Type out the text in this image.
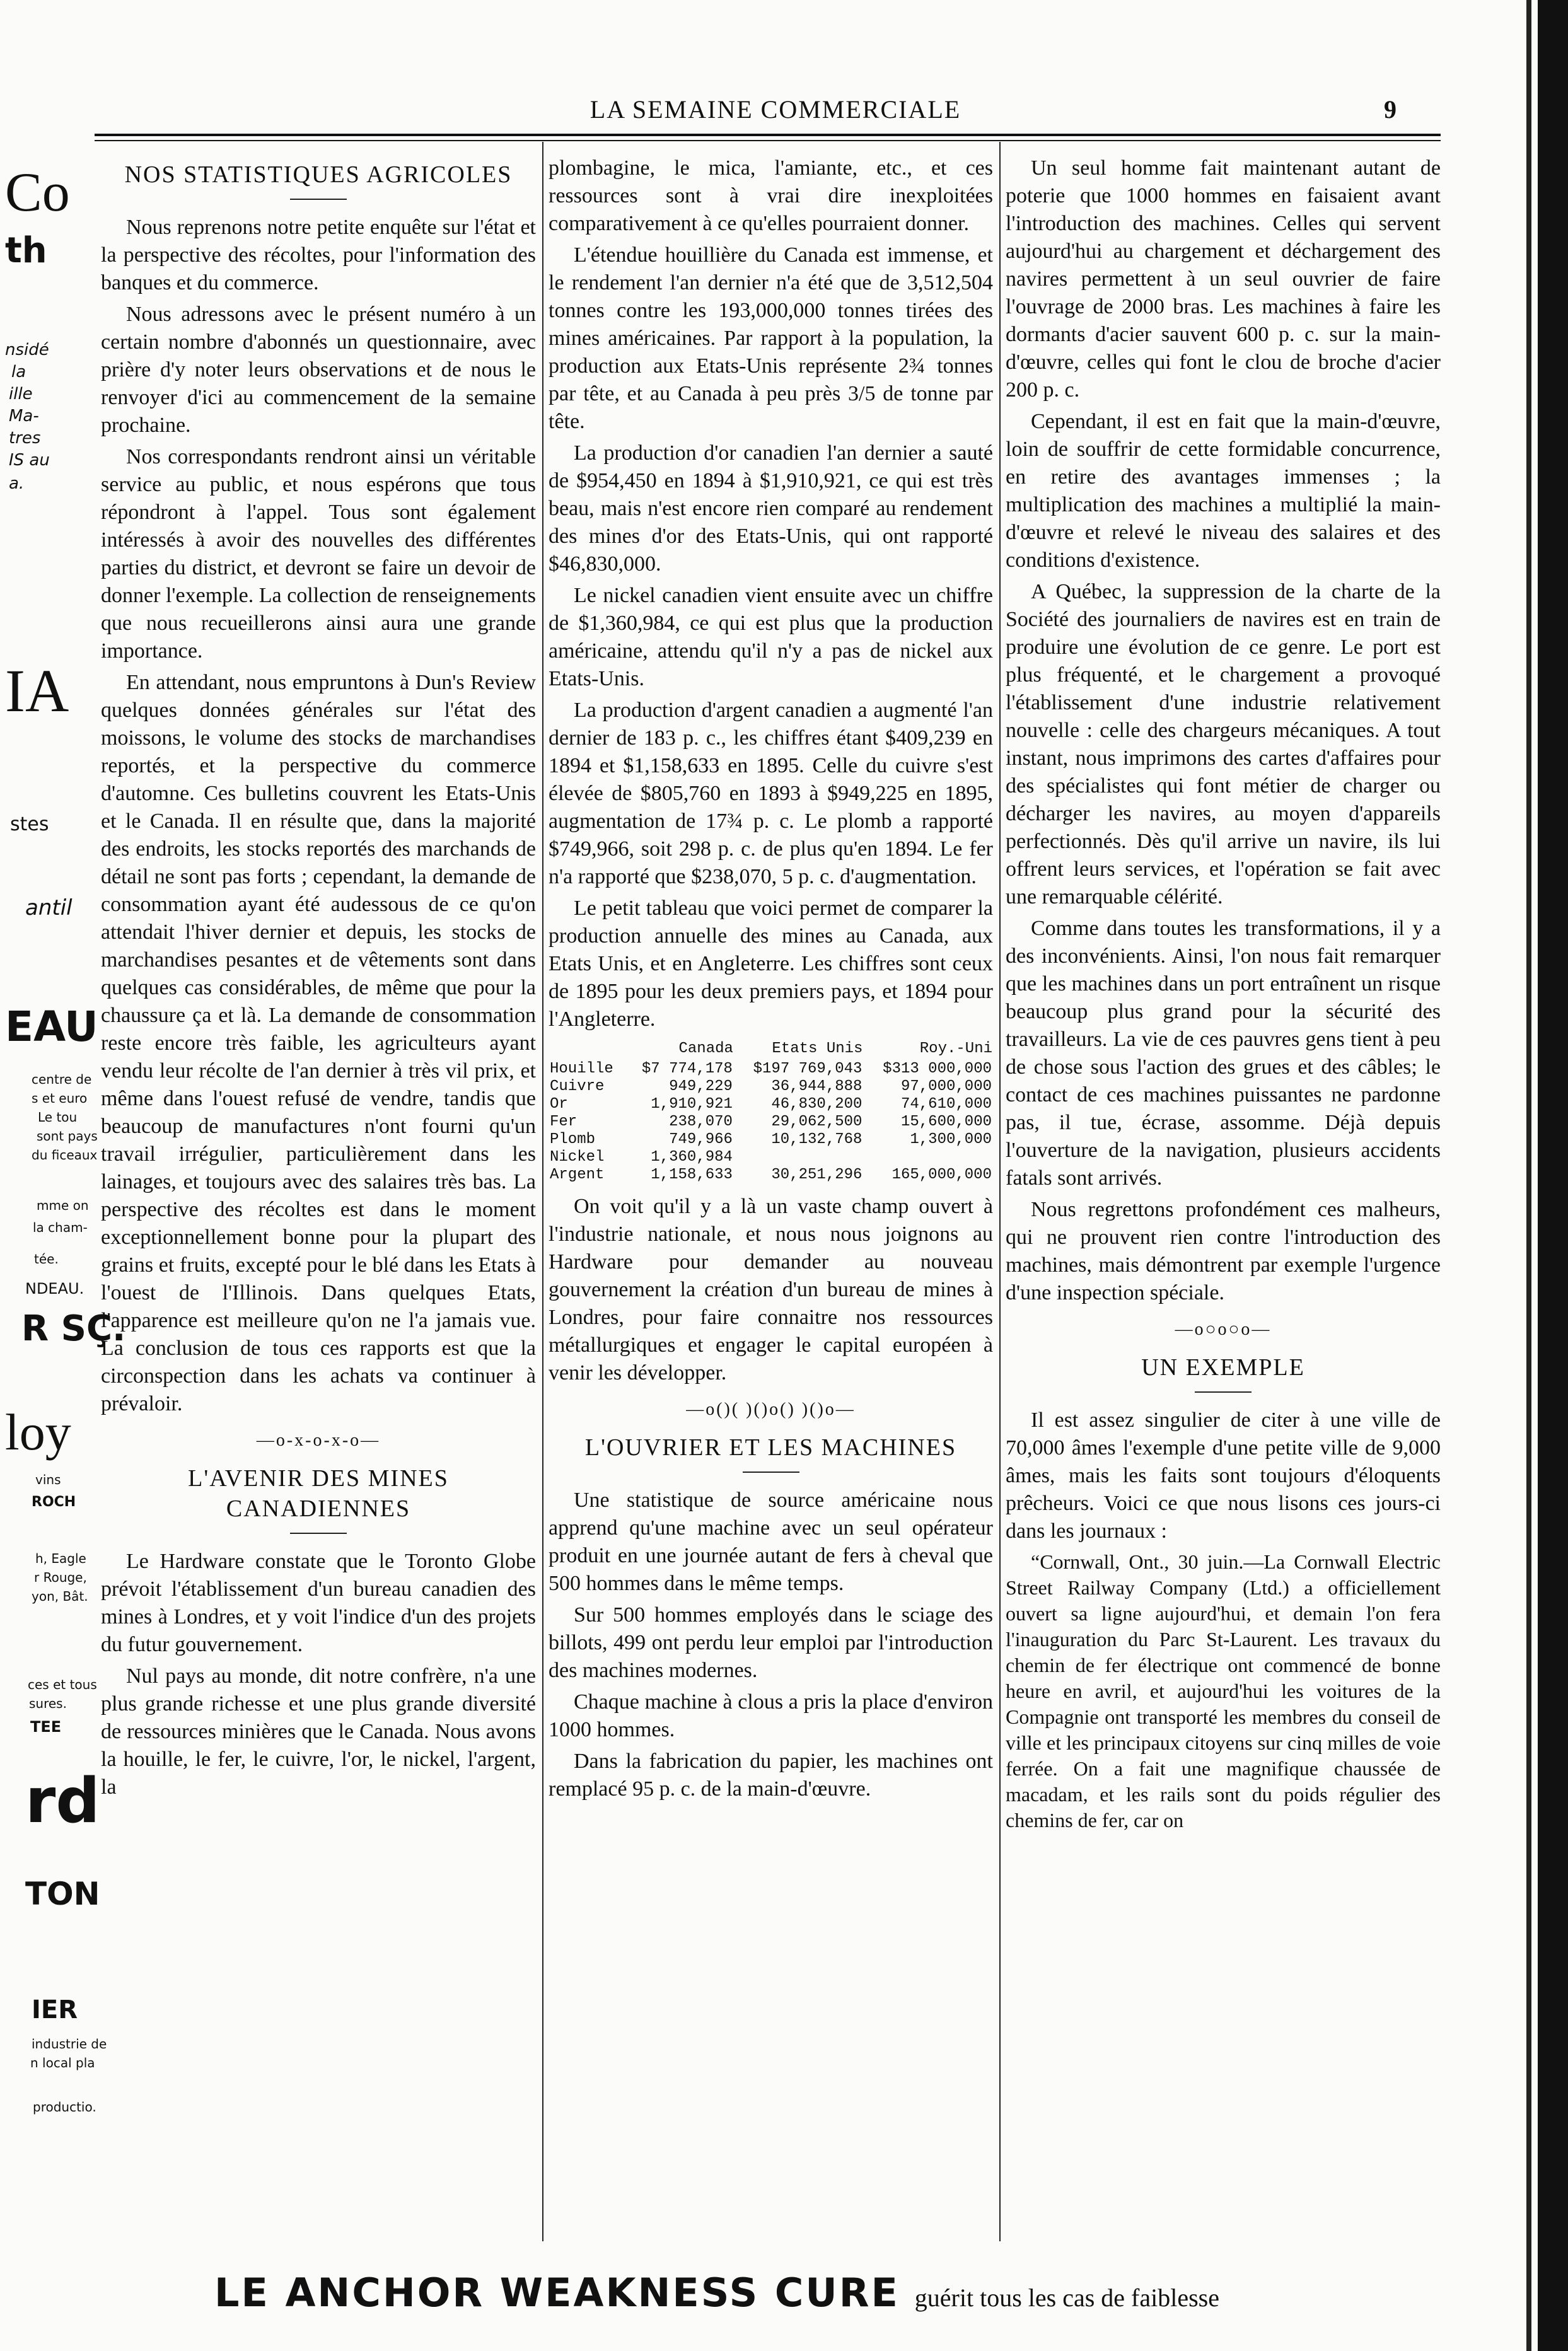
Co
th
nsidé
la
ille
Ma-
tres
IS au
a.
IA
stes
antil
EAU
centre de
s et euro
Le tou
sont pays
du ficeaux
mme on
la cham-
tée.
NDEAU.
R SÇ.
loy
vins
ROCH
h, Eagle
r Rouge,
yon, Bât.
ces et tous
sures.
TEE
rd
TON
IER
industrie de
n local pla
productio.
LA SEMAINE COMMERCIALE	9
NOS STATISTIQUES AGRICOLES

Nous reprenons notre petite enquête sur l'état et la perspective des récoltes, pour l'information des banques et du commerce.

Nous adressons avec le présent numéro à un certain nombre d'abonnés un questionnaire, avec prière d'y noter leurs observations et de nous le renvoyer d'ici au commencement de la semaine prochaine.

Nos correspondants rendront ainsi un véritable service au public, et nous espérons que tous répondront à l'appel. Tous sont également intéressés à avoir des nouvelles des différentes parties du district, et devront se faire un devoir de donner l'exemple. La collection de renseignements que nous recueillerons ainsi aura une grande importance.

En attendant, nous empruntons à Dun's Review quelques données générales sur l'état des moissons, le volume des stocks de marchandises reportés, et la perspective du commerce d'automne. Ces bulletins couvrent les Etats-Unis et le Canada. Il en résulte que, dans la majorité des endroits, les stocks reportés des marchands de détail ne sont pas forts ; cependant, la demande de consommation ayant été audessous de ce qu'on attendait l'hiver dernier et depuis, les stocks de marchandises pesantes et de vêtements sont dans quelques cas considérables, de même que pour la chaussure ça et là. La demande de consommation reste encore très faible, les agriculteurs ayant vendu leur récolte de l'an dernier à très vil prix, et même dans l'ouest refusé de vendre, tandis que beaucoup de manufactures n'ont fourni qu'un travail irrégulier, particulièrement dans les lainages, et toujours avec des salaires très bas. La perspective des récoltes est dans le moment exceptionnellement bonne pour la plupart des grains et fruits, excepté pour le blé dans les Etats à l'ouest de l'Illinois. Dans quelques Etats, l'apparence est meilleure qu'on ne l'a jamais vue. La conclusion de tous ces rapports est que la circonspection dans les achats va continuer à prévaloir.

—o-x-o-x-o—
L'AVENIR DES MINES CANADIENNES

Le Hardware constate que le Toronto Globe prévoit l'établissement d'un bureau canadien des mines à Londres, et y voit l'indice d'un des projets du futur gouvernement.

Nul pays au monde, dit notre confrère, n'a une plus grande richesse et une plus grande diversité de ressources minières que le Canada. Nous avons la houille, le fer, le cuivre, l'or, le nickel, l'argent, la

plombagine, le mica, l'amiante, etc., et ces ressources sont à vrai dire inexploitées comparativement à ce qu'elles pourraient donner.

L'étendue houillière du Canada est immense, et le rendement l'an dernier n'a été que de 3,512,504 tonnes contre les 193,000,000 tonnes tirées des mines américaines. Par rapport à la population, la production aux Etats-Unis représente 2¾ tonnes par tête, et au Canada à peu près 3/5 de tonne par tête.

La production d'or canadien l'an dernier a sauté de $954,450 en 1894 à $1,910,921, ce qui est très beau, mais n'est encore rien comparé au rendement des mines d'or des Etats-Unis, qui ont rapporté $46,830,000.

Le nickel canadien vient ensuite avec un chiffre de $1,360,984, ce qui est plus que la production américaine, attendu qu'il n'y a pas de nickel aux Etats-Unis.

La production d'argent canadien a augmenté l'an dernier de 183 p. c., les chiffres étant $409,239 en 1894 et $1,158,633 en 1895. Celle du cuivre s'est élevée de $805,760 en 1893 à $949,225 en 1895, augmentation de 17¾ p. c. Le plomb a rapporté $749,966, soit 298 p. c. de plus qu'en 1894. Le fer n'a rapporté que $238,070, 5 p. c. d'augmentation.

Le petit tableau que voici permet de comparer la production annuelle des mines au Canada, aux Etats Unis, et en Angleterre. Les chiffres sont ceux de 1895 pour les deux premiers pays, et 1894 pour l'Angleterre.

	Canada	Etats Unis	Roy.-Uni
Houille	$7 774,178	$197 769,043	$313 000,000
Cuivre	949,229	36,944,888	97,000,000
Or	1,910,921	46,830,200	74,610,000
Fer	238,070	29,062,500	15,600,000
Plomb	749,966	10,132,768	1,300,000
Nickel	1,360,984		
Argent	1,158,633	30,251,296	165,000,000

On voit qu'il y a là un vaste champ ouvert à l'industrie nationale, et nous nous joignons au Hardware pour demander au nouveau gouvernement la création d'un bureau de mines à Londres, pour faire connaitre nos ressources métallurgiques et engager le capital européen à venir les développer.

—o()( )()o() )()o—
L'OUVRIER ET LES MACHINES

Une statistique de source américaine nous apprend qu'une machine avec un seul opérateur produit en une journée autant de fers à cheval que 500 hommes dans le même temps.

Sur 500 hommes employés dans le sciage des billots, 499 ont perdu leur emploi par l'introduction des machines modernes.

Chaque machine à clous a pris la place d'environ 1000 hommes.

Dans la fabrication du papier, les machines ont remplacé 95 p. c. de la main-d'œuvre.

Un seul homme fait maintenant autant de poterie que 1000 hommes en faisaient avant l'introduction des machines. Celles qui servent aujourd'hui au chargement et déchargement des navires permettent à un seul ouvrier de faire l'ouvrage de 2000 bras. Les machines à faire les dormants d'acier sauvent 600 p. c. sur la main-d'œuvre, celles qui font le clou de broche d'acier 200 p. c.

Cependant, il est en fait que la main-d'œuvre, loin de souffrir de cette formidable concurrence, en retire des avantages immenses ; la multiplication des machines a multiplié la main-d'œuvre et relevé le niveau des salaires et des conditions d'existence.

A Québec, la suppression de la charte de la Société des journaliers de navires est en train de produire une évolution de ce genre. Le port est plus fréquenté, et le chargement a provoqué l'établissement d'une industrie relativement nouvelle : celle des chargeurs mécaniques. A tout instant, nous imprimons des cartes d'affaires pour des spécialistes qui font métier de charger ou décharger les navires, au moyen d'appareils perfectionnés. Dès qu'il arrive un navire, ils lui offrent leurs services, et l'opération se fait avec une remarquable célérité.

Comme dans toutes les transformations, il y a des inconvénients. Ainsi, l'on nous fait remarquer que les machines dans un port entraînent un risque beaucoup plus grand pour la sécurité des travailleurs. La vie de ces pauvres gens tient à peu de chose sous l'action des grues et des câbles; le contact de ces machines puissantes ne pardonne pas, il tue, écrase, assomme. Déjà depuis l'ouverture de la navigation, plusieurs accidents fatals sont arrivés.

Nous regrettons profondément ces malheurs, qui ne prouvent rien contre l'introduction des machines, mais démontrent par exemple l'urgence d'une inspection spéciale.

—o○o○o—
UN EXEMPLE

Il est assez singulier de citer à une ville de 70,000 âmes l'exemple d'une petite ville de 9,000 âmes, mais les faits sont toujours d'éloquents prêcheurs. Voici ce que nous lisons ces jours-ci dans les journaux :

“Cornwall, Ont., 30 juin.—La Cornwall Electric Street Railway Company (Ltd.) a officiellement ouvert sa ligne aujourd'hui, et demain l'on fera l'inauguration du Parc St-Laurent. Les travaux du chemin de fer électrique ont commencé de bonne heure en avril, et aujourd'hui les voitures de la Compagnie ont transporté les membres du conseil de ville et les principaux citoyens sur cinq milles de voie ferrée. On a fait une magnifique chaussée de macadam, et les rails sont du poids régulier des chemins de fer, car on

LE ANCHOR WEAKNESS CURE guérit tous les cas de faiblesse
